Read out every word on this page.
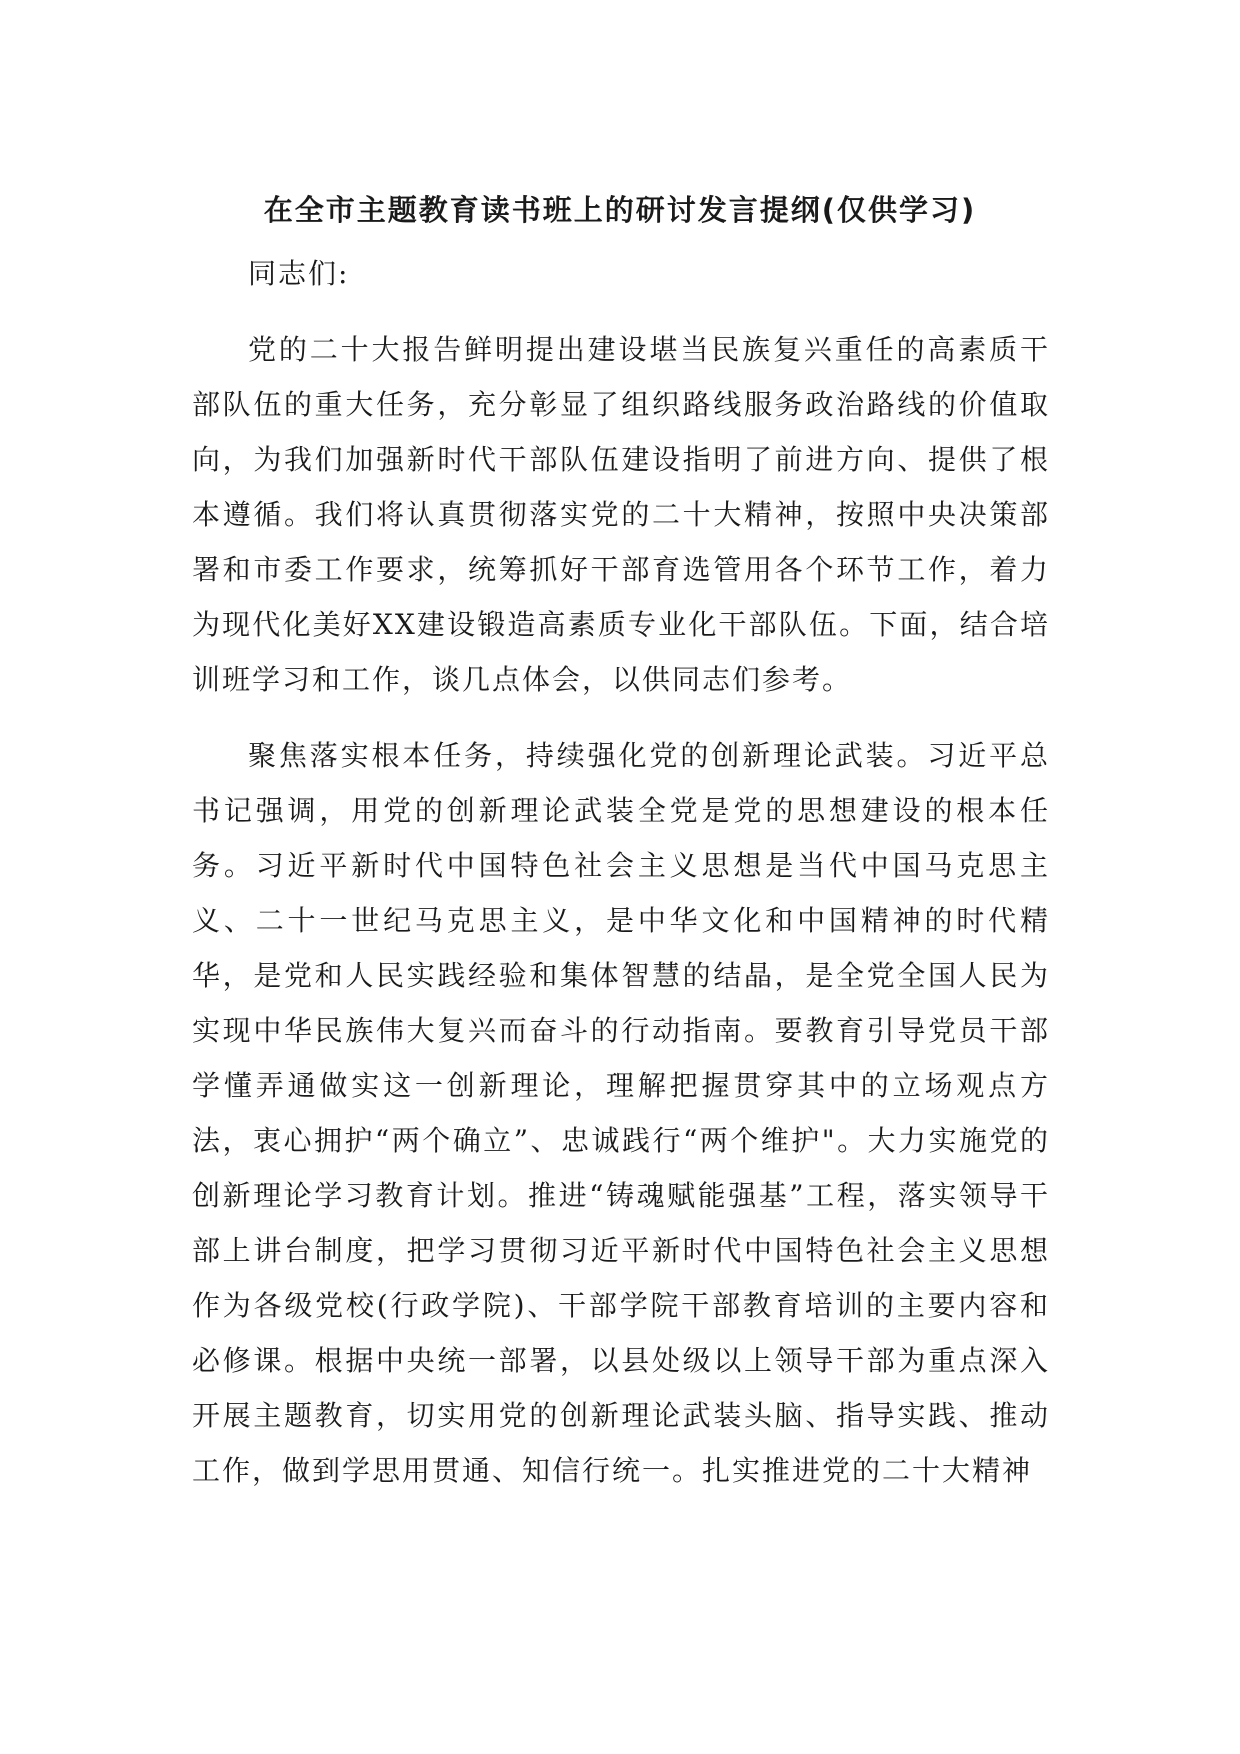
在全市主题教育读书班上的研讨发言提纲(仅供学习)

同志们:

党的二十大报告鲜明提出建设堪当民族复兴重任的高素质干部队伍的重大任务，充分彰显了组织路线服务政治路线的价值取向，为我们加强新时代干部队伍建设指明了前进方向、提供了根本遵循。我们将认真贯彻落实党的二十大精神，按照中央决策部署和市委工作要求，统筹抓好干部育选管用各个环节工作，着力为现代化美好XX建设锻造高素质专业化干部队伍。下面，结合培训班学习和工作，谈几点体会，以供同志们参考。

聚焦落实根本任务，持续强化党的创新理论武装。习近平总书记强调，用党的创新理论武装全党是党的思想建设的根本任务。习近平新时代中国特色社会主义思想是当代中国马克思主义、二十一世纪马克思主义，是中华文化和中国精神的时代精华，是党和人民实践经验和集体智慧的结晶，是全党全国人民为实现中华民族伟大复兴而奋斗的行动指南。要教育引导党员干部学懂弄通做实这一创新理论，理解把握贯穿其中的立场观点方法，衷心拥护“两个确立”、忠诚践行“两个维护"。大力实施党的创新理论学习教育计划。推进“铸魂赋能强基”工程，落实领导干部上讲台制度，把学习贯彻习近平新时代中国特色社会主义思想作为各级党校(行政学院)、干部学院干部教育培训的主要内容和必修课。根据中央统一部署，以县处级以上领导干部为重点深入开展主题教育，切实用党的创新理论武装头脑、指导实践、推动工作，做到学思用贯通、知信行统一。扎实推进党的二十大精神
